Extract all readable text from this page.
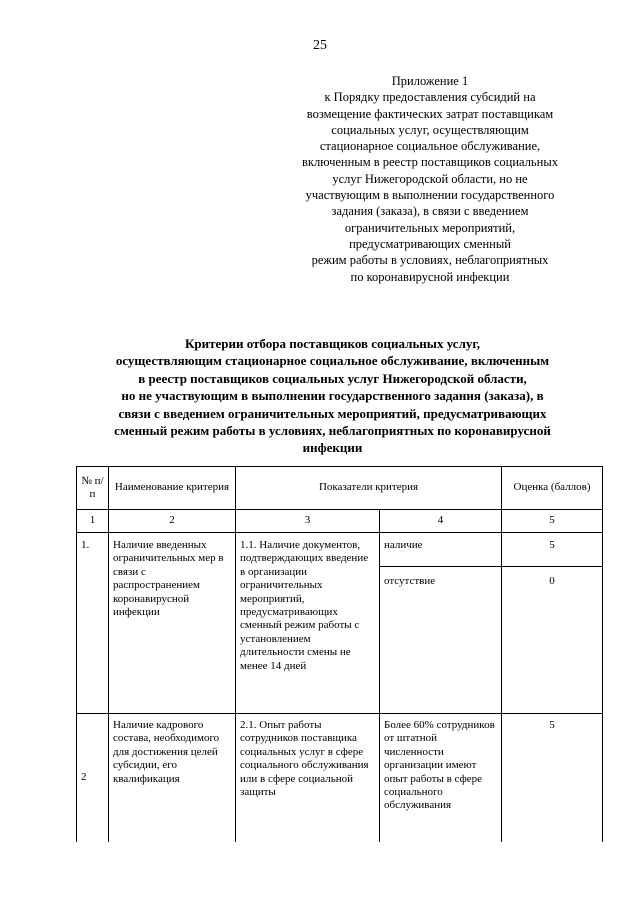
25
Приложение 1
к Порядку предоставления субсидий на
возмещение фактических затрат поставщикам
социальных услуг, осуществляющим
стационарное социальное обслуживание,
включенным в реестр поставщиков социальных
услуг Нижегородской области, но не
участвующим в выполнении государственного
задания (заказа), в связи с введением
ограничительных мероприятий,
предусматривающих сменный
режим работы в условиях, неблагоприятных
по коронавирусной инфекции
Критерии отбора поставщиков социальных услуг,
осуществляющим стационарное социальное обслуживание, включенным
в реестр поставщиков социальных услуг Нижегородской области,
но не участвующим в выполнении государственного задания (заказа), в
связи с введением ограничительных мероприятий, предусматривающих
сменный режим работы в условиях, неблагоприятных по коронавирусной
инфекции
№ п/п	Наименование критерия	Показатели критерия		Оценка (баллов)
1	2	3	4	5
1.	Наличие введенных ограничительных мер в связи с распространением коронавирусной инфекции	1.1. Наличие документов, подтверждающих введение в организации ограничительных мероприятий, предусматривающих сменный режим работы с установлением длительности смены не менее 14 дней	наличие	5
			отсутствие	0
2	Наличие кадрового состава, необходимого для достижения целей субсидии, его квалификация	2.1. Опыт работы сотрудников поставщика социальных услуг в сфере социального обслуживания или в сфере социальной защиты	Более 60% сотрудников от штатной численности организации имеют опыт работы в сфере социального обслуживания	5
